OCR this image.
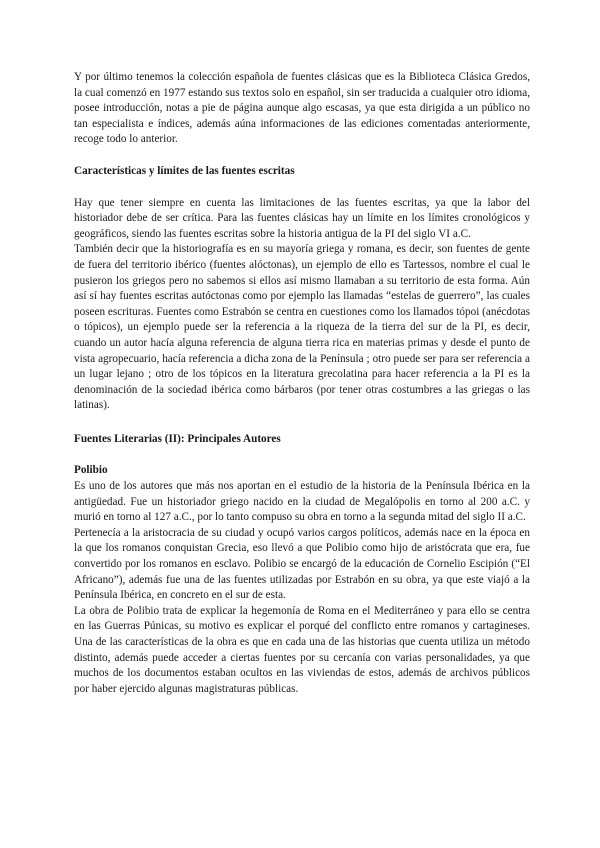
Y por último tenemos la colección española de fuentes clásicas que es la Biblioteca Clásica Gredos, la cual comenzó en 1977 estando sus textos solo en español, sin ser traducida a cualquier otro idioma, posee introducción, notas a pie de página aunque algo escasas, ya que esta dirigida a un público no tan especialista e índices, además aúna informaciones de las ediciones comentadas anteriormente, recoge todo lo anterior.

Características y límites de las fuentes escritas

Hay que tener siempre en cuenta las limitaciones de las fuentes escritas, ya que la labor del historiador debe de ser crítica. Para las fuentes clásicas hay un límite en los límites cronológicos y geográficos, siendo las fuentes escritas sobre la historia antigua de la PI del siglo VI a.C.

También decir que la historiografía es en su mayoría griega y romana, es decir, son fuentes de gente de fuera del territorio ibérico (fuentes alóctonas), un ejemplo de ello es Tartessos, nombre el cual le pusieron los griegos pero no sabemos si ellos así mismo llamaban a su territorio de esta forma. Aún así sí hay fuentes escritas autóctonas como por ejemplo las llamadas “estelas de guerrero”, las cuales poseen escrituras. Fuentes como Estrabón se centra en cuestiones como los llamados tópoi (anécdotas o tópicos), un ejemplo puede ser la referencia a la riqueza de la tierra del sur de la PI, es decir, cuando un autor hacía alguna referencia de alguna tierra rica en materias primas y desde el punto de vista agropecuario, hacía referencia a dicha zona de la Península ; otro puede ser para ser referencia a un lugar lejano ; otro de los tópicos en la literatura grecolatina para hacer referencia a la PI es la denominación de la sociedad ibérica como bárbaros (por tener otras costumbres a las griegas o las latinas).

Fuentes Literarias (II): Principales Autores
Polibio

Es uno de los autores que más nos aportan en el estudio de la historia de la Península Ibérica en la antigüedad. Fue un historiador griego nacido en la ciudad de Megalópolis en torno al 200 a.C. y murió en torno al 127 a.C., por lo tanto compuso su obra en torno a la segunda mitad del siglo II a.C.

Pertenecía a la aristocracia de su ciudad y ocupó varios cargos políticos, además nace en la época en la que los romanos conquistan Grecia, eso llevó a que Polibio como hijo de aristócrata que era, fue convertido por los romanos en esclavo. Polibio se encargó de la educación de Cornelio Escipión (“El Africano”), además fue una de las fuentes utilizadas por Estrabón en su obra, ya que este viajó a la Península Ibérica, en concreto en el sur de esta.

La obra de Polibio trata de explicar la hegemonía de Roma en el Mediterráneo y para ello se centra en las Guerras Púnicas, su motivo es explicar el porqué del conflicto entre romanos y cartagineses. Una de las características de la obra es que en cada una de las historias que cuenta utiliza un método distinto, además puede acceder a ciertas fuentes por su cercanía con varias personalidades, ya que muchos de los documentos estaban ocultos en las viviendas de estos, además de archivos públicos por haber ejercido algunas magistraturas públicas.
